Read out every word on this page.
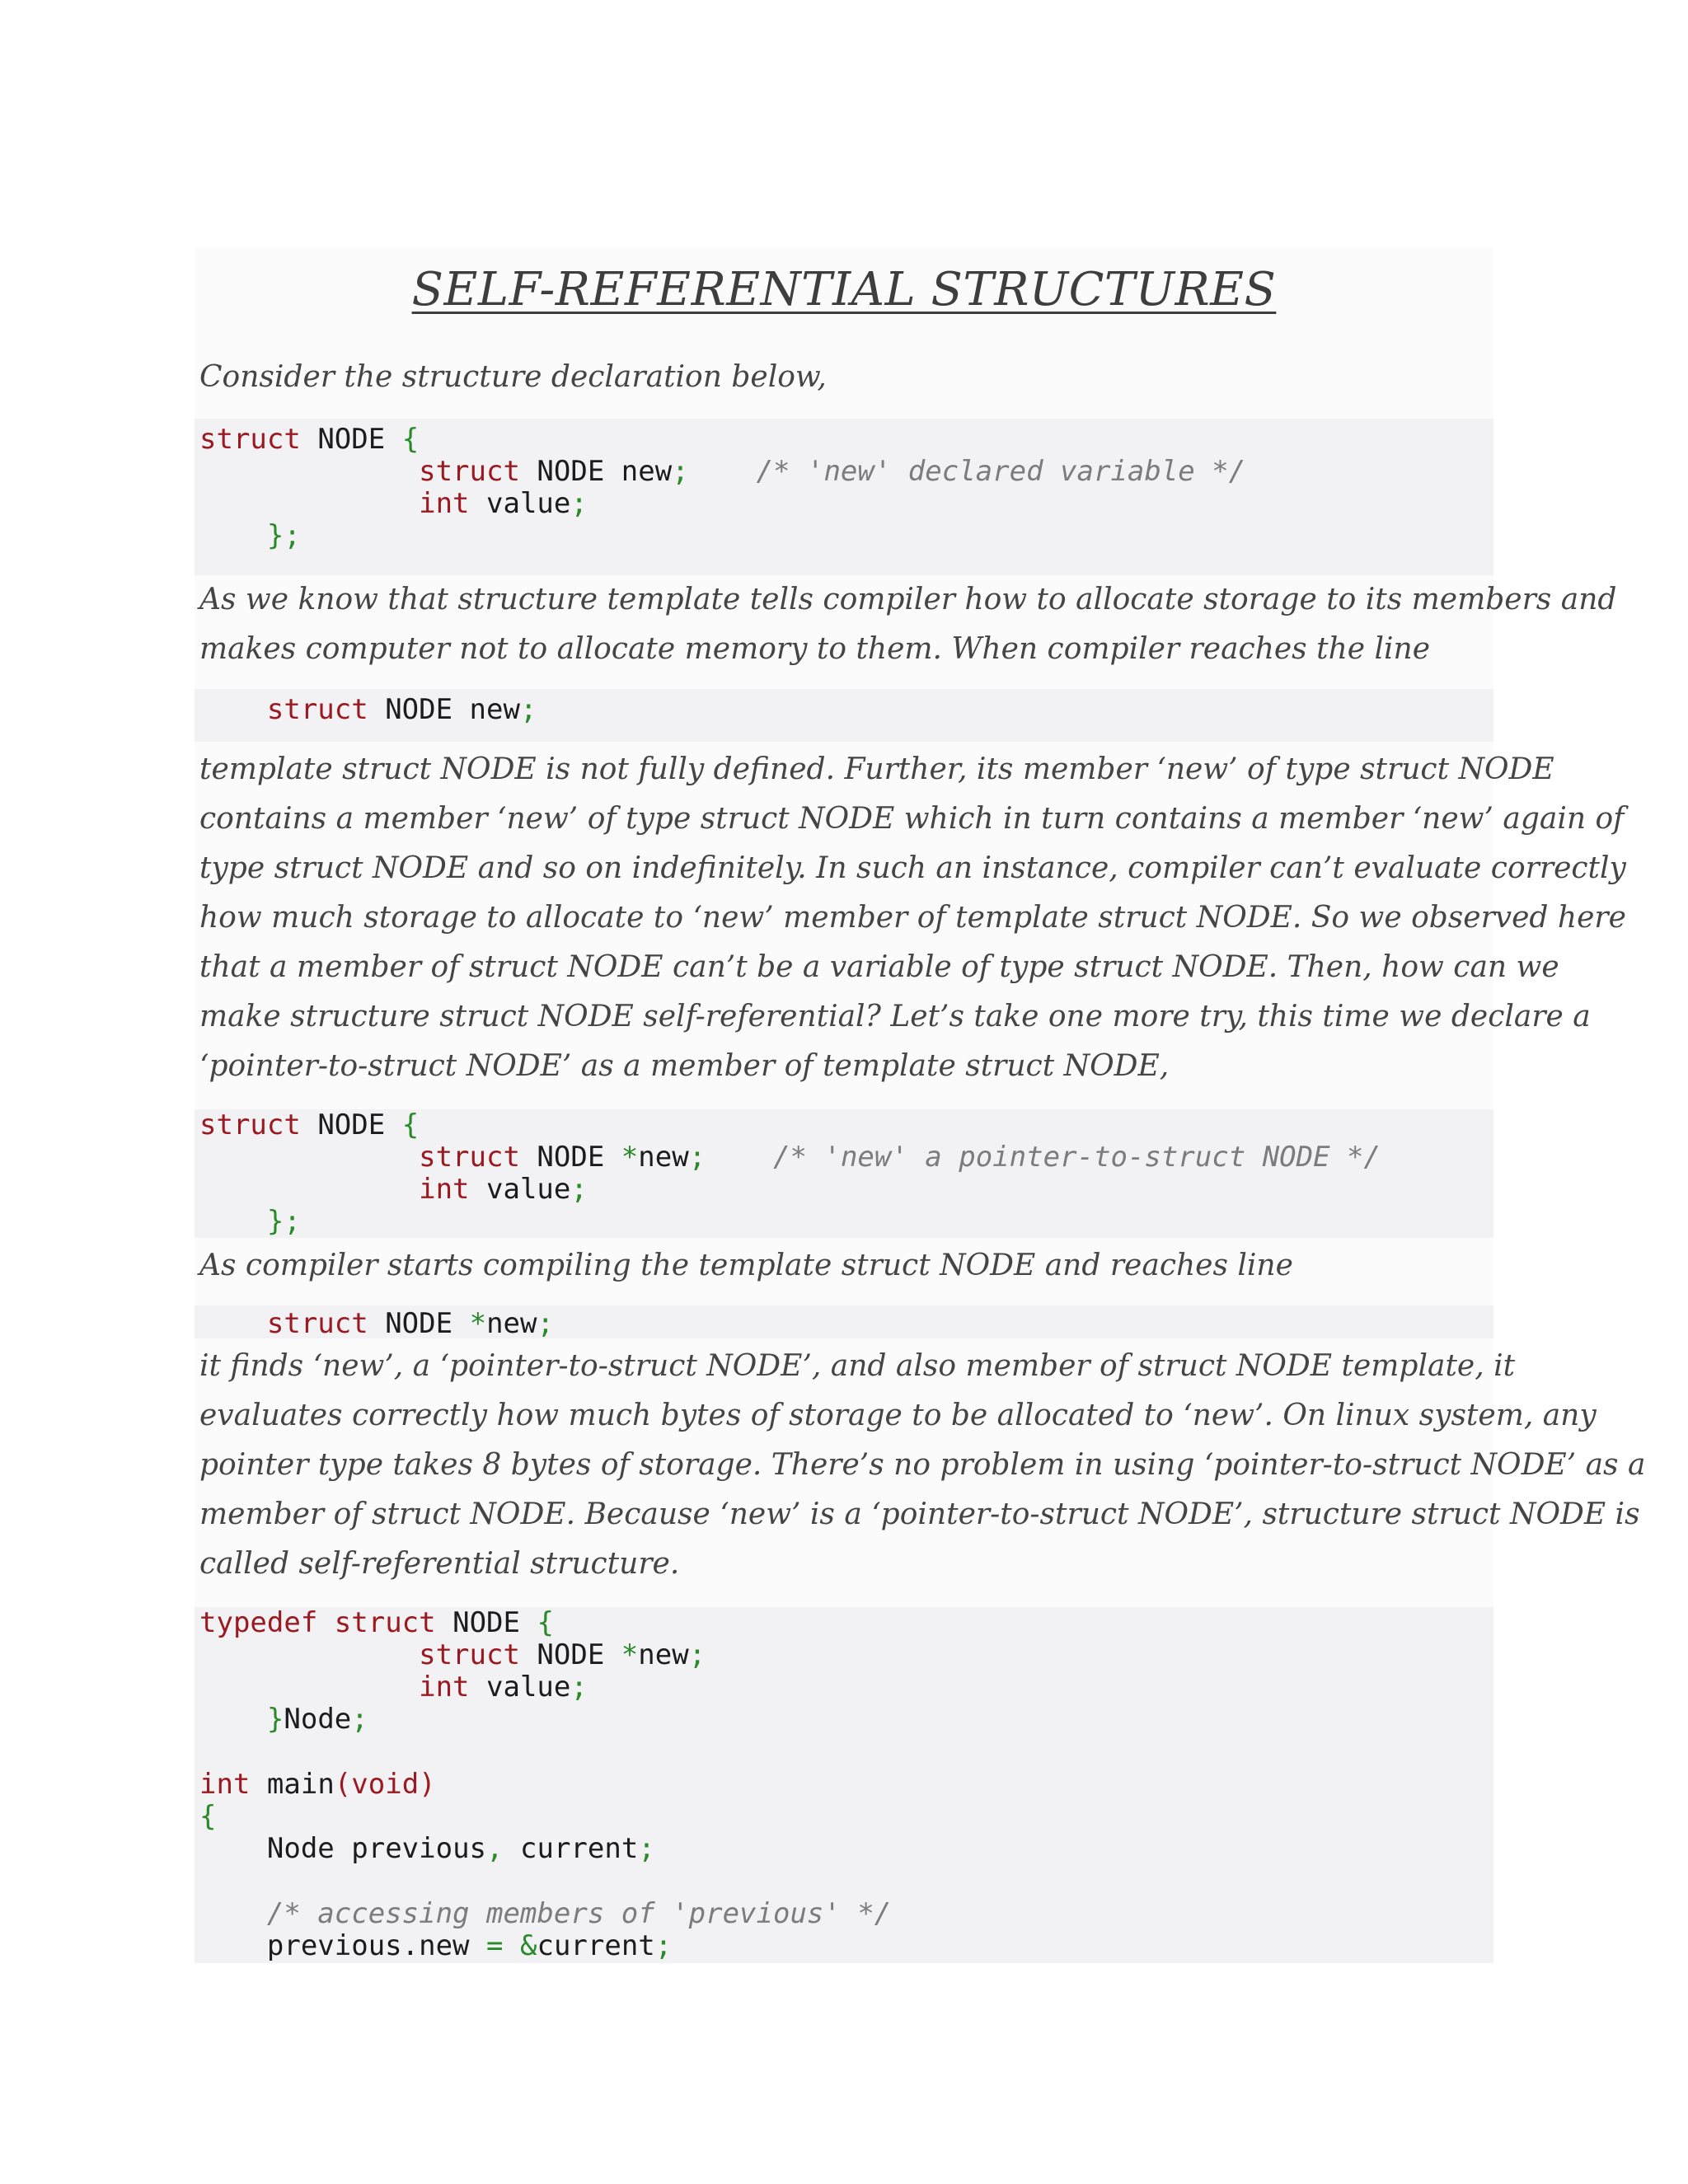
SELF-REFERENTIAL STRUCTURES

Consider the structure declaration below,

struct NODE {
struct NODE new; /* 'new' declared variable */
int value;
};

As we know that structure template tells compiler how to allocate storage to its members and
makes computer not to allocate memory to them. When compiler reaches the line

struct NODE new;

template struct NODE is not fully defined. Further, its member ‘new’ of type struct NODE
contains a member ‘new’ of type struct NODE which in turn contains a member ‘new’ again of
type struct NODE and so on indefinitely. In such an instance, compiler can’t evaluate correctly
how much storage to allocate to ‘new’ member of template struct NODE. So we observed here
that a member of struct NODE can’t be a variable of type struct NODE. Then, how can we
make structure struct NODE self-referential? Let’s take one more try, this time we declare a
‘pointer-to-struct NODE’ as a member of template struct NODE,

struct NODE {
struct NODE *new; /* 'new' a pointer-to-struct NODE */
int value;
};

As compiler starts compiling the template struct NODE and reaches line

struct NODE *new;

it finds ‘new’, a ‘pointer-to-struct NODE’, and also member of struct NODE template, it
evaluates correctly how much bytes of storage to be allocated to ‘new’. On linux system, any
pointer type takes 8 bytes of storage. There’s no problem in using ‘pointer-to-struct NODE’ as a
member of struct NODE. Because ‘new’ is a ‘pointer-to-struct NODE’, structure struct NODE is
called self-referential structure.

typedef struct NODE {
struct NODE *new;
int value;
}Node;

int main(void)
{
Node previous, current;

/* accessing members of 'previous' */
previous.new = &current;
